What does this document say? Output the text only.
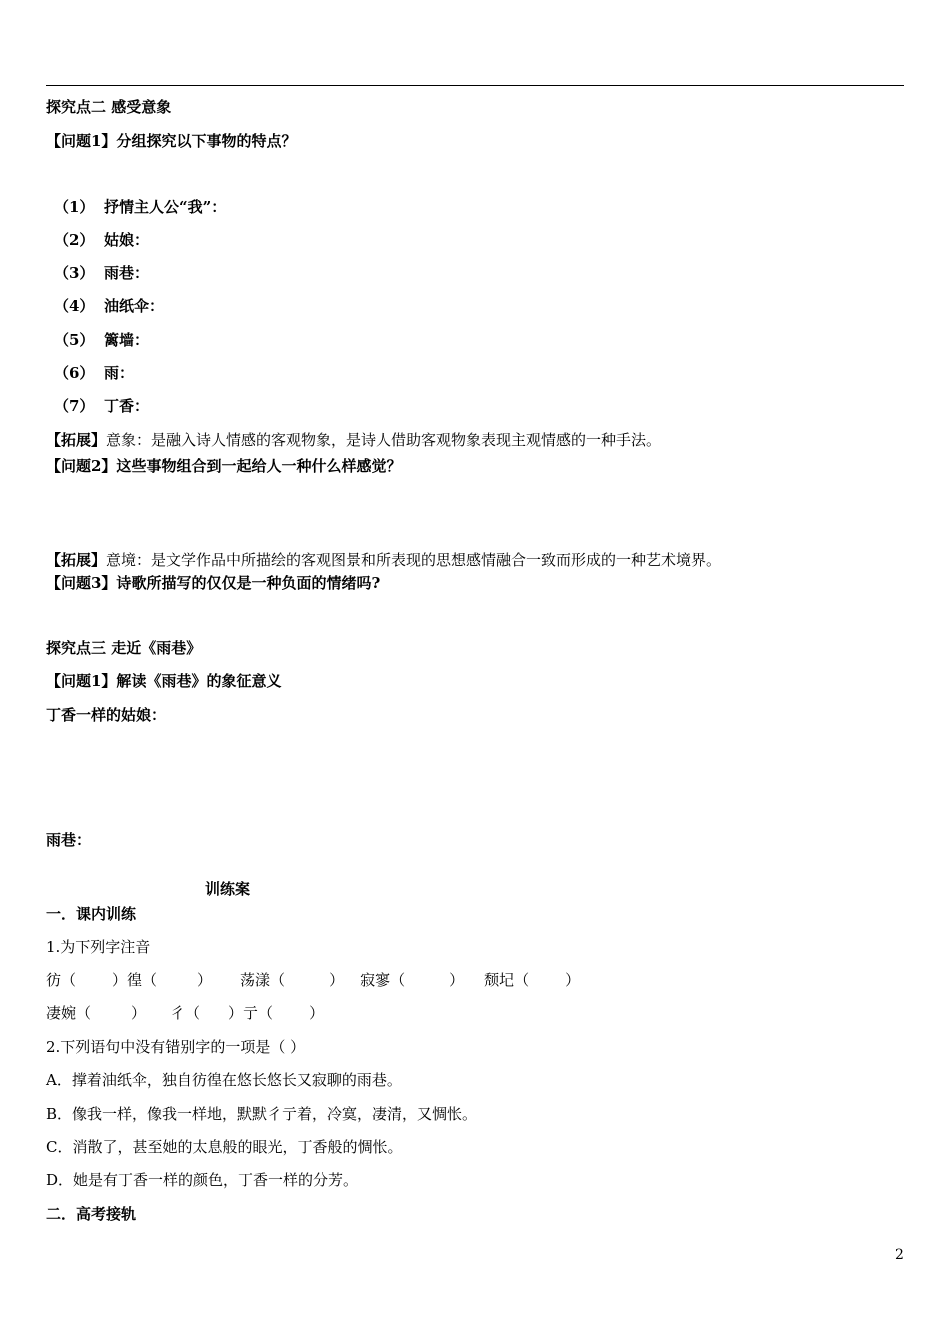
探究点二 感受意象
【问题1】分组探究以下事物的特点？
（1） 抒情主人公“我”：
（2） 姑娘：
（3） 雨巷：
（4） 油纸伞：
（5） 篱墙：
（6） 雨：
（7） 丁香：
【拓展】意象：是融入诗人情感的客观物象，是诗人借助客观物象表现主观情感的一种手法。
【问题2】这些事物组合到一起给人一种什么样感觉？
【拓展】意境：是文学作品中所描绘的客观图景和所表现的思想感情融合一致而形成的一种艺术境界。
【问题3】诗歌所描写的仅仅是一种负面的情绪吗?
探究点三 走近《雨巷》
【问题1】解读《雨巷》的象征意义
丁香一样的姑娘：
雨巷：
训练案
一．课内训练
1.为下列字注音
彷（ ）徨（	） 荡漾（	） 寂寥（	） 颓圮（ ）
凄婉（	） 彳（ ）亍（ ）
2.下列语句中没有错别字的一项是（ ）
A．撑着油纸伞，独自彷徨在悠长悠长又寂聊的雨巷。
B．像我一样，像我一样地，默默彳亍着，冷寞，凄清，又惆怅。
C．消散了，甚至她的太息般的眼光，丁香般的惆怅。
D．她是有丁香一样的颜色，丁香一样的分芳。
二．高考接轨
2
